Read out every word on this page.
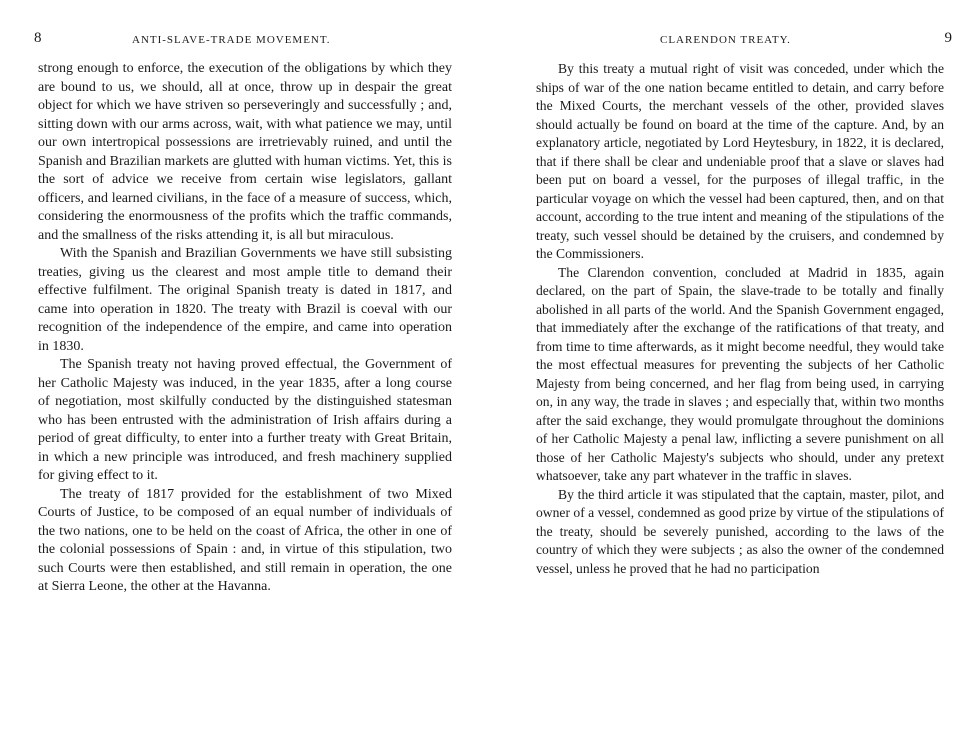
8	ANTI-SLAVE-TRADE MOVEMENT.

strong enough to enforce, the execution of the obligations by which they are bound to us, we should, all at once, throw up in despair the great object for which we have striven so perseveringly and successfully ; and, sitting down with our arms across, wait, with what patience we may, until our own intertropical possessions are irretrievably ruined, and until the Spanish and Brazilian markets are glutted with human victims. Yet, this is the sort of advice we receive from certain wise legislators, gallant officers, and learned civilians, in the face of a measure of success, which, considering the enormousness of the profits which the traffic commands, and the smallness of the risks attending it, is all but miraculous.

With the Spanish and Brazilian Governments we have still subsisting treaties, giving us the clearest and most ample title to demand their effective fulfilment. The original Spanish treaty is dated in 1817, and came into operation in 1820. The treaty with Brazil is coeval with our recognition of the independence of the empire, and came into operation in 1830.

The Spanish treaty not having proved effectual, the Government of her Catholic Majesty was induced, in the year 1835, after a long course of negotiation, most skilfully conducted by the distinguished statesman who has been entrusted with the administration of Irish affairs during a period of great difficulty, to enter into a further treaty with Great Britain, in which a new principle was introduced, and fresh machinery supplied for giving effect to it.

The treaty of 1817 provided for the establishment of two Mixed Courts of Justice, to be composed of an equal number of individuals of the two nations, one to be held on the coast of Africa, the other in one of the colonial possessions of Spain : and, in virtue of this stipulation, two such Courts were then established, and still remain in operation, the one at Sierra Leone, the other at the Havanna.

CLARENDON TREATY.	9

By this treaty a mutual right of visit was conceded, under which the ships of war of the one nation became entitled to detain, and carry before the Mixed Courts, the merchant vessels of the other, provided slaves should actually be found on board at the time of the capture. And, by an explanatory article, negotiated by Lord Heytesbury, in 1822, it is declared, that if there shall be clear and undeniable proof that a slave or slaves had been put on board a vessel, for the purposes of illegal traffic, in the particular voyage on which the vessel had been captured, then, and on that account, according to the true intent and meaning of the stipulations of the treaty, such vessel should be detained by the cruisers, and condemned by the Commissioners.

The Clarendon convention, concluded at Madrid in 1835, again declared, on the part of Spain, the slave-trade to be totally and finally abolished in all parts of the world. And the Spanish Government engaged, that immediately after the exchange of the ratifications of that treaty, and from time to time afterwards, as it might become needful, they would take the most effectual measures for preventing the subjects of her Catholic Majesty from being concerned, and her flag from being used, in carrying on, in any way, the trade in slaves ; and especially that, within two months after the said exchange, they would promulgate throughout the dominions of her Catholic Majesty a penal law, inflicting a severe punishment on all those of her Catholic Majesty's subjects who should, under any pretext whatsoever, take any part whatever in the traffic in slaves.

By the third article it was stipulated that the captain, master, pilot, and owner of a vessel, condemned as good prize by virtue of the stipulations of the treaty, should be severely punished, according to the laws of the country of which they were subjects ; as also the owner of the condemned vessel, unless he proved that he had no participation
